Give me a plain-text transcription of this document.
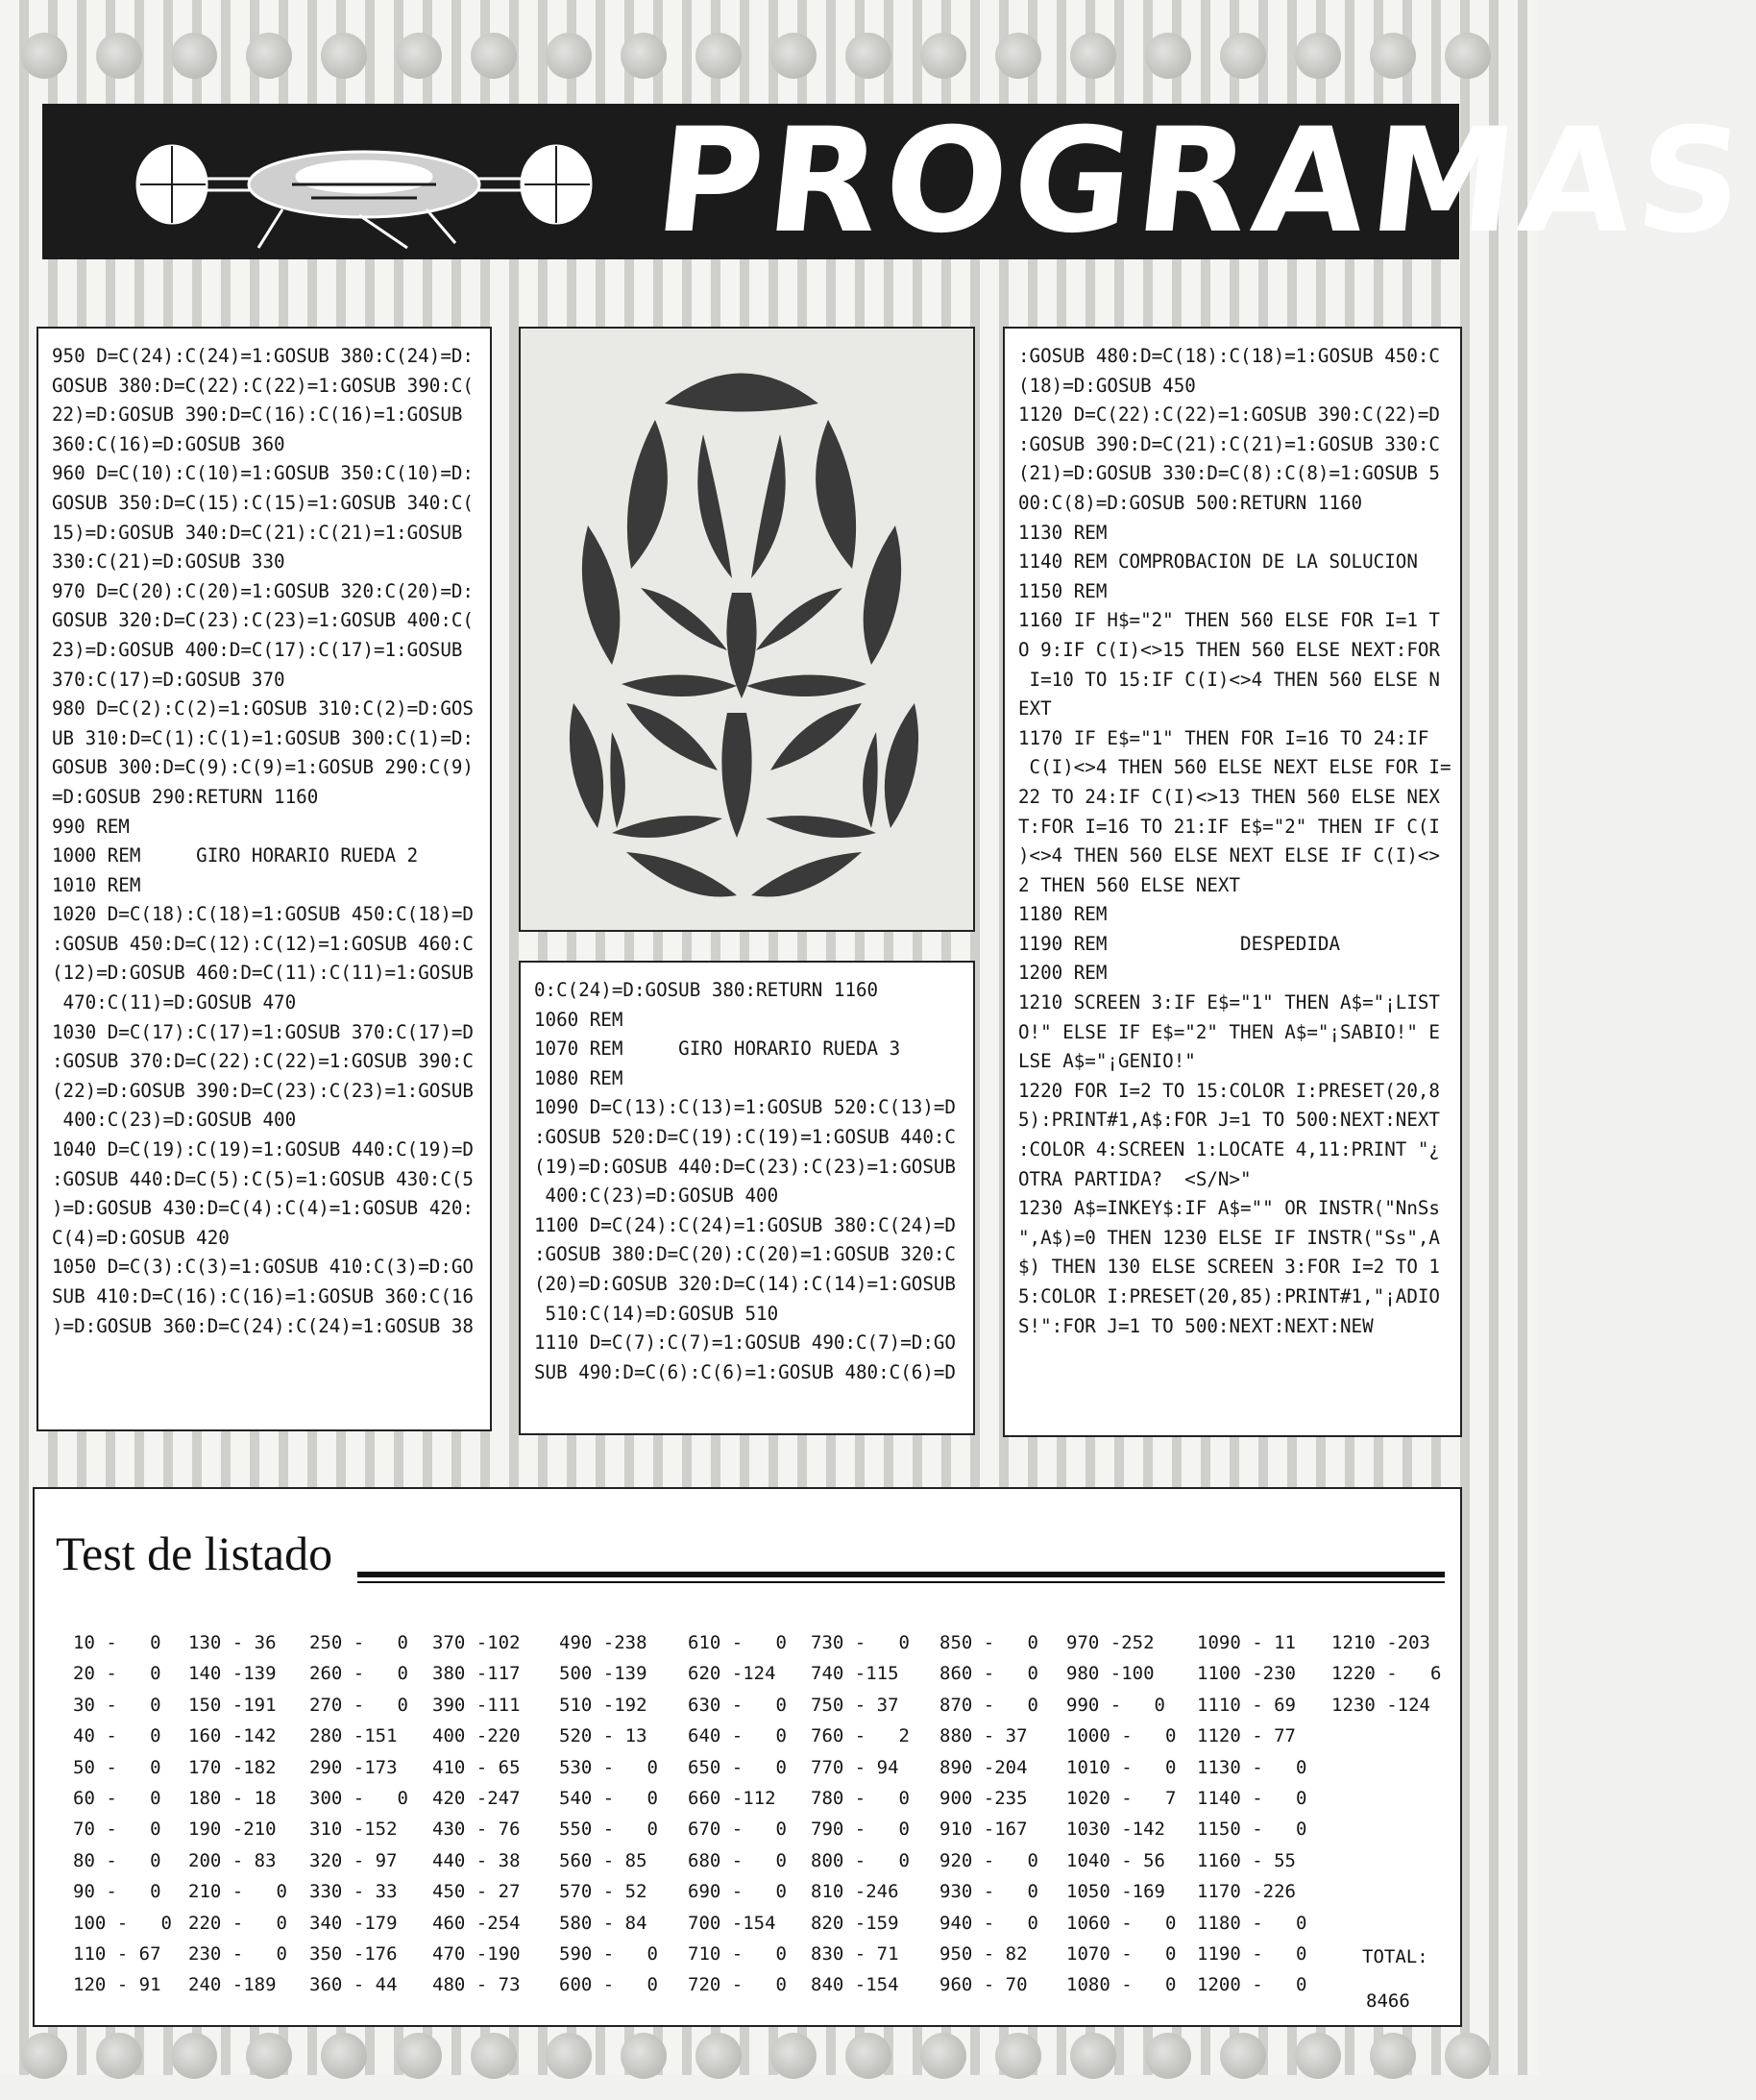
PROGRAMAS
950 D=C(24):C(24)=1:GOSUB 380:C(24)=D:
GOSUB 380:D=C(22):C(22)=1:GOSUB 390:C(
22)=D:GOSUB 390:D=C(16):C(16)=1:GOSUB
360:C(16)=D:GOSUB 360
960 D=C(10):C(10)=1:GOSUB 350:C(10)=D:
GOSUB 350:D=C(15):C(15)=1:GOSUB 340:C(
15)=D:GOSUB 340:D=C(21):C(21)=1:GOSUB
330:C(21)=D:GOSUB 330
970 D=C(20):C(20)=1:GOSUB 320:C(20)=D:
GOSUB 320:D=C(23):C(23)=1:GOSUB 400:C(
23)=D:GOSUB 400:D=C(17):C(17)=1:GOSUB
370:C(17)=D:GOSUB 370
980 D=C(2):C(2)=1:GOSUB 310:C(2)=D:GOS
UB 310:D=C(1):C(1)=1:GOSUB 300:C(1)=D:
GOSUB 300:D=C(9):C(9)=1:GOSUB 290:C(9)
=D:GOSUB 290:RETURN 1160
990 REM
1000 REM     GIRO HORARIO RUEDA 2
1010 REM
1020 D=C(18):C(18)=1:GOSUB 450:C(18)=D
:GOSUB 450:D=C(12):C(12)=1:GOSUB 460:C
(12)=D:GOSUB 460:D=C(11):C(11)=1:GOSUB
470:C(11)=D:GOSUB 470
1030 D=C(17):C(17)=1:GOSUB 370:C(17)=D
:GOSUB 370:D=C(22):C(22)=1:GOSUB 390:C
(22)=D:GOSUB 390:D=C(23):C(23)=1:GOSUB
400:C(23)=D:GOSUB 400
1040 D=C(19):C(19)=1:GOSUB 440:C(19)=D
:GOSUB 440:D=C(5):C(5)=1:GOSUB 430:C(5
)=D:GOSUB 430:D=C(4):C(4)=1:GOSUB 420:
C(4)=D:GOSUB 420
1050 D=C(3):C(3)=1:GOSUB 410:C(3)=D:GO
SUB 410:D=C(16):C(16)=1:GOSUB 360:C(16
)=D:GOSUB 360:D=C(24):C(24)=1:GOSUB 38
0:C(24)=D:GOSUB 380:RETURN 1160
1060 REM
1070 REM     GIRO HORARIO RUEDA 3
1080 REM
1090 D=C(13):C(13)=1:GOSUB 520:C(13)=D
:GOSUB 520:D=C(19):C(19)=1:GOSUB 440:C
(19)=D:GOSUB 440:D=C(23):C(23)=1:GOSUB
400:C(23)=D:GOSUB 400
1100 D=C(24):C(24)=1:GOSUB 380:C(24)=D
:GOSUB 380:D=C(20):C(20)=1:GOSUB 320:C
(20)=D:GOSUB 320:D=C(14):C(14)=1:GOSUB
510:C(14)=D:GOSUB 510
1110 D=C(7):C(7)=1:GOSUB 490:C(7)=D:GO
SUB 490:D=C(6):C(6)=1:GOSUB 480:C(6)=D
:GOSUB 480:D=C(18):C(18)=1:GOSUB 450:C
(18)=D:GOSUB 450
1120 D=C(22):C(22)=1:GOSUB 390:C(22)=D
:GOSUB 390:D=C(21):C(21)=1:GOSUB 330:C
(21)=D:GOSUB 330:D=C(8):C(8)=1:GOSUB 5
00:C(8)=D:GOSUB 500:RETURN 1160
1130 REM
1140 REM COMPROBACION DE LA SOLUCION
1150 REM
1160 IF H$="2" THEN 560 ELSE FOR I=1 T
O 9:IF C(I)<>15 THEN 560 ELSE NEXT:FOR
I=10 TO 15:IF C(I)<>4 THEN 560 ELSE N
EXT
1170 IF E$="1" THEN FOR I=16 TO 24:IF
C(I)<>4 THEN 560 ELSE NEXT ELSE FOR I=
22 TO 24:IF C(I)<>13 THEN 560 ELSE NEX
T:FOR I=16 TO 21:IF E$="2" THEN IF C(I
)<>4 THEN 560 ELSE NEXT ELSE IF C(I)<>
2 THEN 560 ELSE NEXT
1180 REM
1190 REM            DESPEDIDA
1200 REM
1210 SCREEN 3:IF E$="1" THEN A$="¡LIST
O!" ELSE IF E$="2" THEN A$="¡SABIO!" E
LSE A$="¡GENIO!"
1220 FOR I=2 TO 15:COLOR I:PRESET(20,8
5):PRINT#1,A$:FOR J=1 TO 500:NEXT:NEXT
:COLOR 4:SCREEN 1:LOCATE 4,11:PRINT "¿
OTRA PARTIDA?  <S/N>"
1230 A$=INKEY$:IF A$="" OR INSTR("NnSs
",A$)=0 THEN 1230 ELSE IF INSTR("Ss",A
$) THEN 130 ELSE SCREEN 3:FOR I=2 TO 1
5:COLOR I:PRESET(20,85):PRINT#1,"¡ADIO
S!":FOR J=1 TO 500:NEXT:NEXT:NEW
Test de listado
10 -   0
20 -   0
30 -   0
40 -   0
50 -   0
60 -   0
70 -   0
80 -   0
90 -   0
100 -   0
110 - 67
120 - 91
130 - 36
140 -139
150 -191
160 -142
170 -182
180 - 18
190 -210
200 - 83
210 -   0
220 -   0
230 -   0
240 -189
250 -   0
260 -   0
270 -   0
280 -151
290 -173
300 -   0
310 -152
320 - 97
330 - 33
340 -179
350 -176
360 - 44
370 -102
380 -117
390 -111
400 -220
410 - 65
420 -247
430 - 76
440 - 38
450 - 27
460 -254
470 -190
480 - 73
490 -238
500 -139
510 -192
520 - 13
530 -   0
540 -   0
550 -   0
560 - 85
570 - 52
580 - 84
590 -   0
600 -   0
610 -   0
620 -124
630 -   0
640 -   0
650 -   0
660 -112
670 -   0
680 -   0
690 -   0
700 -154
710 -   0
720 -   0
730 -   0
740 -115
750 - 37
760 -   2
770 - 94
780 -   0
790 -   0
800 -   0
810 -246
820 -159
830 - 71
840 -154
850 -   0
860 -   0
870 -   0
880 - 37
890 -204
900 -235
910 -167
920 -   0
930 -   0
940 -   0
950 - 82
960 - 70
970 -252
980 -100
990 -   0
1000 -   0
1010 -   0
1020 -   7
1030 -142
1040 - 56
1050 -169
1060 -   0
1070 -   0
1080 -   0
1090 - 11
1100 -230
1110 - 69
1120 - 77
1130 -   0
1140 -   0
1150 -   0
1160 - 55
1170 -226
1180 -   0
1190 -   0
1200 -   0
1210 -203
1220 -   6
1230 -124
TOTAL:
8466
